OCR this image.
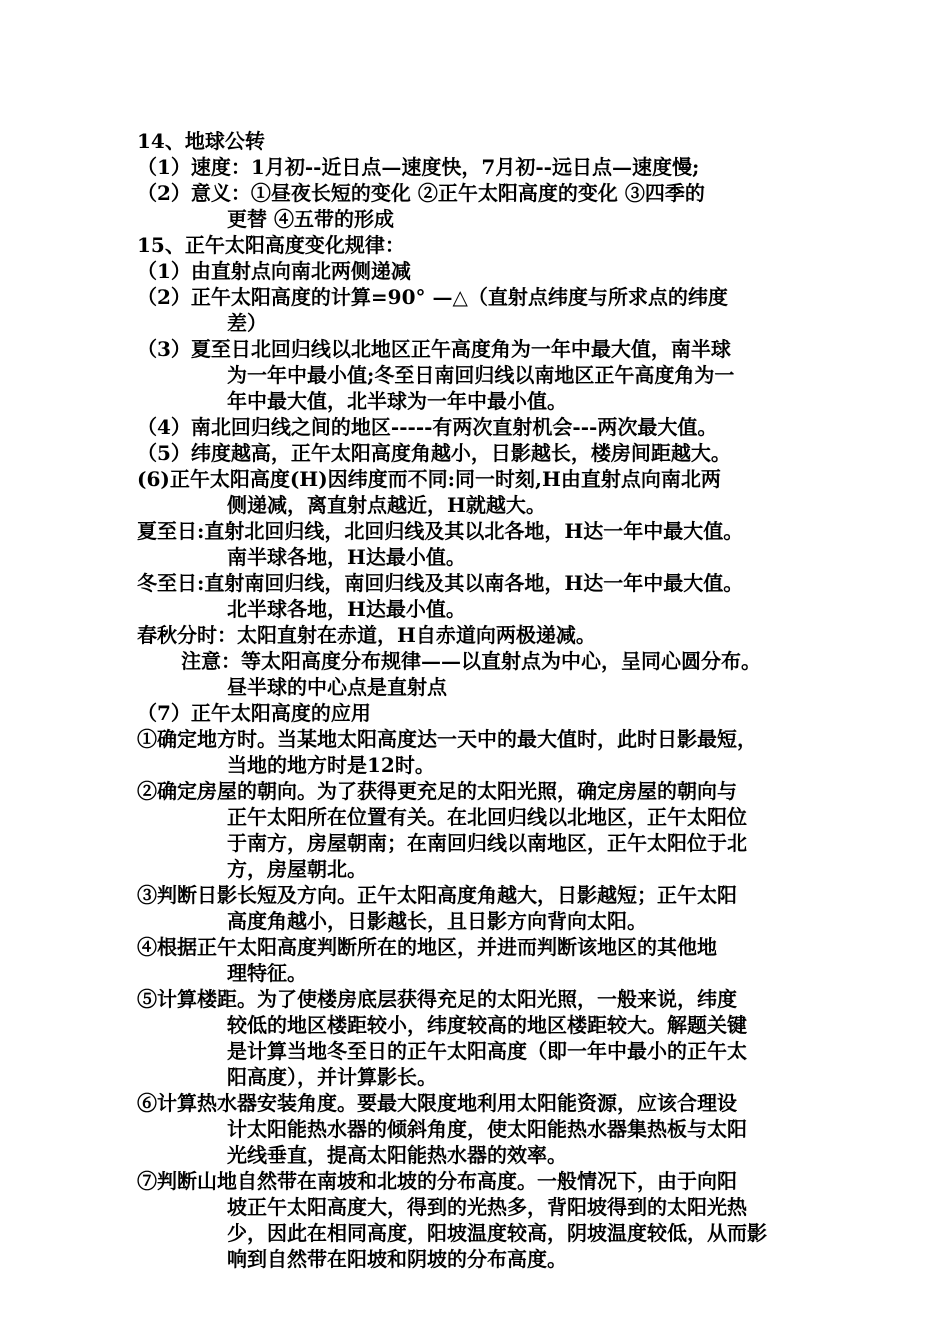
14、地球公转
（1）速度：1月初--近日点—速度快，7月初--远日点—速度慢;
（2）意义：①昼夜长短的变化 ②正午太阳高度的变化 ③四季的
更替 ④五带的形成
15、正午太阳高度变化规律：
（1）由直射点向南北两侧递减
（2）正午太阳高度的计算=90° —△（直射点纬度与所求点的纬度
差）
（3）夏至日北回归线以北地区正午高度角为一年中最大值，南半球
为一年中最小值;冬至日南回归线以南地区正午高度角为一
年中最大值，北半球为一年中最小值。
（4）南北回归线之间的地区-----有两次直射机会---两次最大值。
（5）纬度越高，正午太阳高度角越小，日影越长，楼房间距越大。
(6)正午太阳高度(H)因纬度而不同:同一时刻,H由直射点向南北两
侧递减，离直射点越近，H就越大。
夏至日:直射北回归线，北回归线及其以北各地，H达一年中最大值。
南半球各地，H达最小值。
冬至日:直射南回归线，南回归线及其以南各地，H达一年中最大值。
北半球各地，H达最小值。
春秋分时：太阳直射在赤道，H自赤道向两极递减。
注意：等太阳高度分布规律——以直射点为中心，呈同心圆分布。
昼半球的中心点是直射点
（7）正午太阳高度的应用
①确定地方时。当某地太阳高度达一天中的最大值时，此时日影最短，
当地的地方时是12时。
②确定房屋的朝向。为了获得更充足的太阳光照，确定房屋的朝向与
正午太阳所在位置有关。在北回归线以北地区，正午太阳位
于南方，房屋朝南；在南回归线以南地区，正午太阳位于北
方，房屋朝北。
③判断日影长短及方向。正午太阳高度角越大，日影越短；正午太阳
高度角越小，日影越长，且日影方向背向太阳。
④根据正午太阳高度判断所在的地区，并进而判断该地区的其他地
理特征。
⑤计算楼距。为了使楼房底层获得充足的太阳光照，一般来说，纬度
较低的地区楼距较小，纬度较高的地区楼距较大。解题关键
是计算当地冬至日的正午太阳高度（即一年中最小的正午太
阳高度），并计算影长。
⑥计算热水器安装角度。要最大限度地利用太阳能资源，应该合理设
计太阳能热水器的倾斜角度，使太阳能热水器集热板与太阳
光线垂直，提高太阳能热水器的效率。
⑦判断山地自然带在南坡和北坡的分布高度。一般情况下，由于向阳
坡正午太阳高度大，得到的光热多，背阳坡得到的太阳光热
少，因此在相同高度，阳坡温度较高，阴坡温度较低，从而影
响到自然带在阳坡和阴坡的分布高度。
